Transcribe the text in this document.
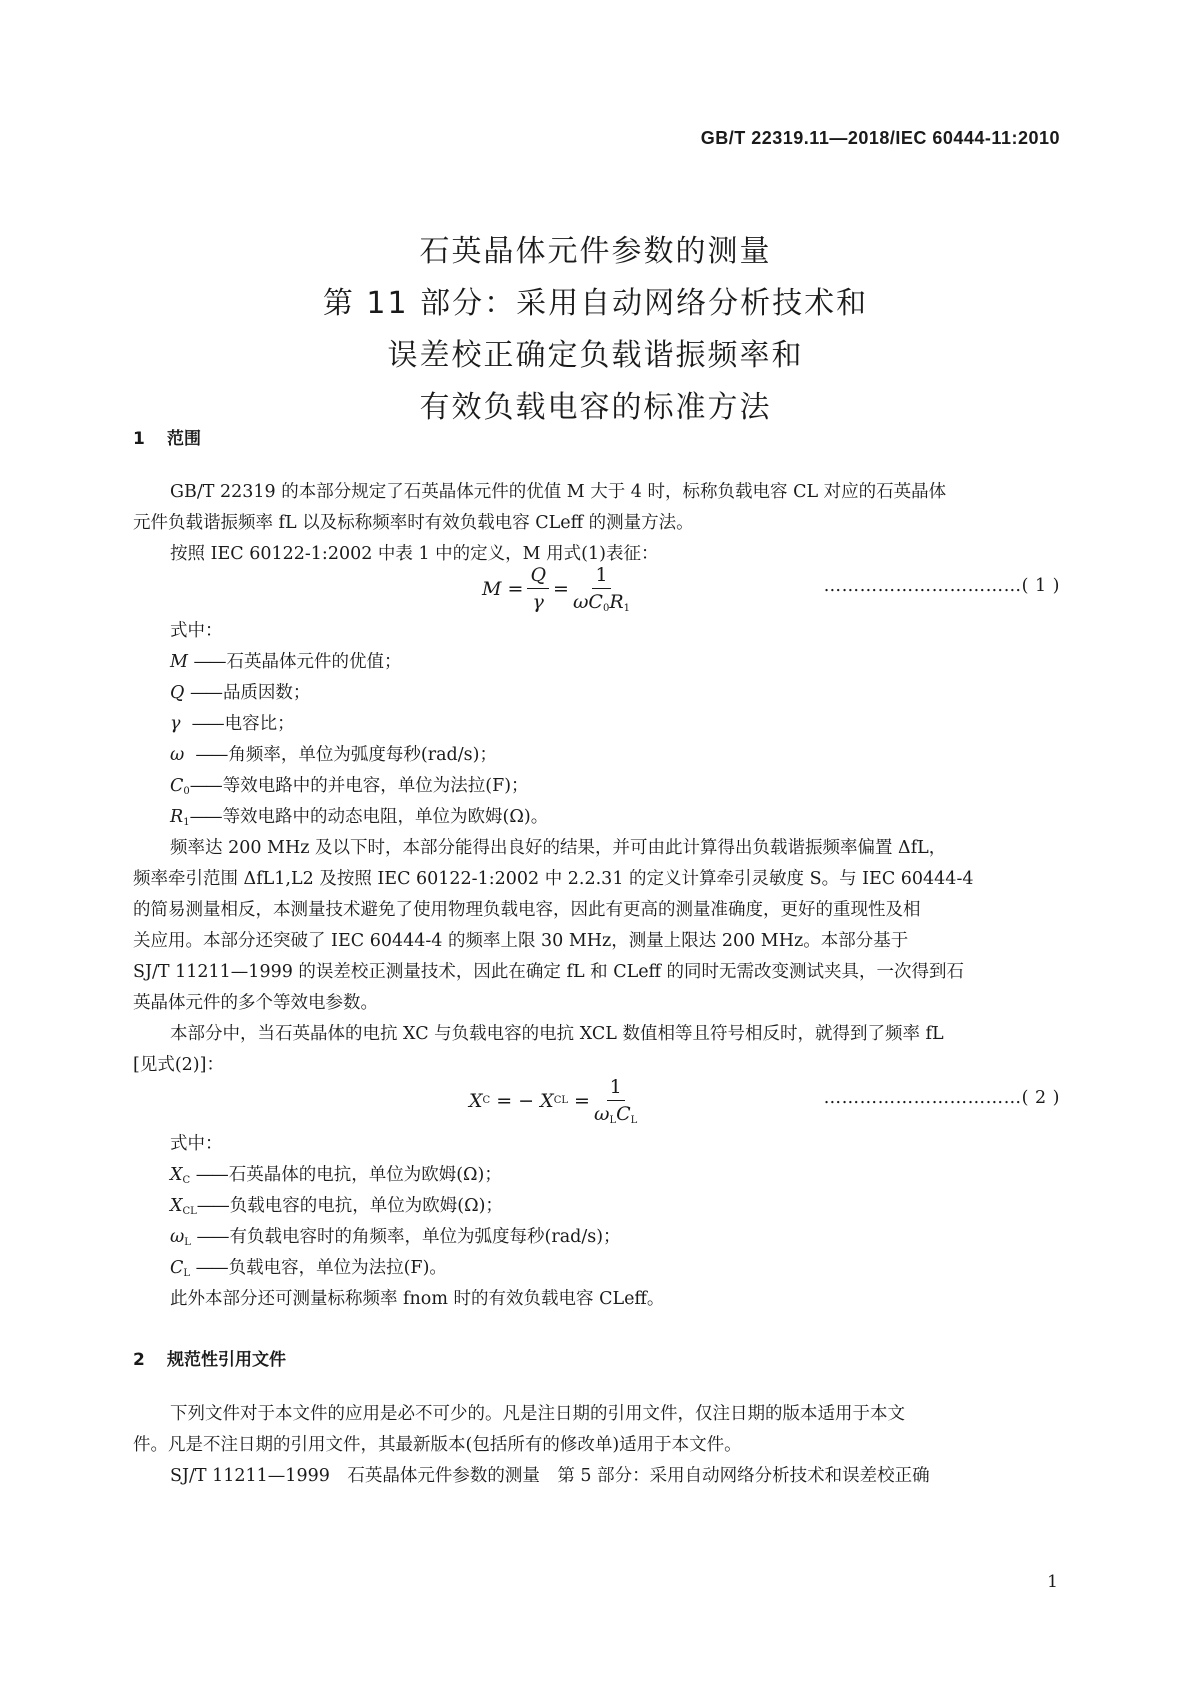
GB/T 22319.11—2018/IEC 60444-11:2010
石英晶体元件参数的测量
第 11 部分：采用自动网络分析技术和
误差校正确定负载谐振频率和
有效负载电容的标准方法
1 范围
GB/T 22319 的本部分规定了石英晶体元件的优值 M 大于 4 时，标称负载电容 CL 对应的石英晶体
元件负载谐振频率 fL 以及标称频率时有效负载电容 CLeff 的测量方法。
按照 IEC 60122-1:2002 中表 1 中的定义，M 用式(1)表征：
$M = \frac{Q}{\gamma} = \frac{1}{\omega C_0R_1}$	……………………………( 1 )
式中：
M —— 石英晶体元件的优值；
Q —— 品质因数；
γ —— 电容比；
ω —— 角频率，单位为弧度每秒(rad/s)；
$C_0——$ 等效电路中的并电容，单位为法拉(F)；
$R_1——$ 等效电路中的动态电阻，单位为欧姆(Ω)。
频率达 200 MHz 及以下时，本部分能得出良好的结果，并可由此计算得出负载谐振频率偏置 ΔfL，
频率牵引范围 ΔfL1,L2 及按照 IEC 60122-1:2002 中 2.2.31 的定义计算牵引灵敏度 S。与 IEC 60444-4
的简易测量相反，本测量技术避免了使用物理负载电容，因此有更高的测量准确度，更好的重现性及相
关应用。本部分还突破了 IEC 60444-4 的频率上限 30 MHz，测量上限达 200 MHz。本部分基于
SJ/T 11211—1999 的误差校正测量技术，因此在确定 fL 和 CLeff 的同时无需改变测试夹具，一次得到石
英晶体元件的多个等效电参数。
本部分中，当石英晶体的电抗 XC 与负载电容的电抗 XCL 数值相等且符号相反时，就得到了频率 fL
[见式(2)]：
X C = − X CL = $\frac{1}{\omega_LC_L}$	……………………………( 2 )
式中：
$X_C$ —— 石英晶体的电抗，单位为欧姆(Ω)；
$X_{CL}——$ 负载电容的电抗，单位为欧姆(Ω)；
$\omega_L$ —— 有负载电容时的角频率，单位为弧度每秒(rad/s)；
$C_L$ —— 负载电容，单位为法拉(F)。
此外本部分还可测量标称频率 fnom 时的有效负载电容 CLeff。
2 规范性引用文件
下列文件对于本文件的应用是必不可少的。凡是注日期的引用文件，仅注日期的版本适用于本文
件。凡是不注日期的引用文件，其最新版本(包括所有的修改单)适用于本文件。
SJ/T 11211—1999　石英晶体元件参数的测量　第 5 部分：采用自动网络分析技术和误差校正确
1
